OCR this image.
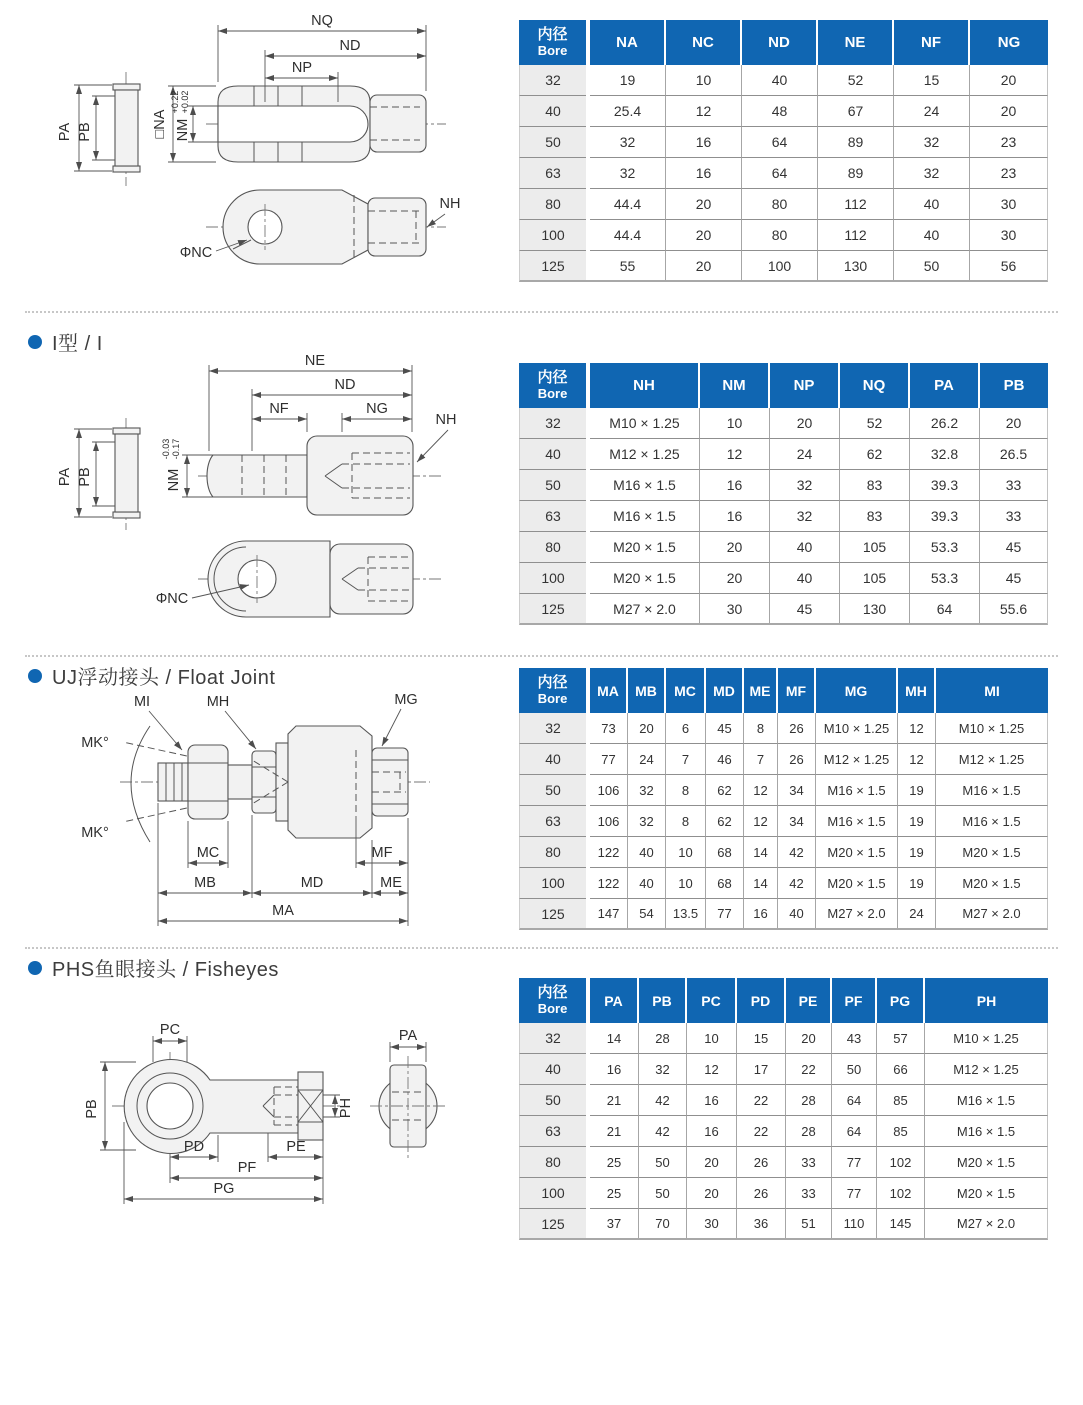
PA PB
NQ
ND
NP
□NA NM
+0.22 +0.02
ΦNC
NH
内径
Bore	NA	NC	ND	NE	NF	NG
32	19	10	40	52	15	20
40	25.4	12	48	67	24	20
50	32	16	64	89	32	23
63	32	16	64	89	32	23
80	44.4	20	80	112	40	30
100	44.4	20	80	112	40	30
125	55	20	100	130	50	56
I型 / I
PA PB	NM
-0.03 -0.17
NE
ND
NF	NG
NH
ΦNC
内径
Bore	NH	NM	NP	NQ	PA	PB
32	M10 × 1.25	10	20	52	26.2	20
40	M12 × 1.25	12	24	62	32.8	26.5
50	M16 × 1.5	16	32	83	39.3	33
63	M16 × 1.5	16	32	83	39.3	33
80	M20 × 1.5	20	40	105	53.3	45
100	M20 × 1.5	20	40	105	53.3	45
125	M27 × 2.0	30	45	130	64	55.6
UJ浮动接头 / Float Joint
MI	MH	MG
MK°
MK°
MC	MF
MB	MD	ME
MA
内径
Bore	MA	MB	MC	MD	ME	MF	MG	MH	MI
32	73	20	6	45	8	26	M10 × 1.25	12	M10 × 1.25
40	77	24	7	46	7	26	M12 × 1.25	12	M12 × 1.25
50	106	32	8	62	12	34	M16 × 1.5	19	M16 × 1.5
63	106	32	8	62	12	34	M16 × 1.5	19	M16 × 1.5
80	122	40	10	68	14	42	M20 × 1.5	19	M20 × 1.5
100	122	40	10	68	14	42	M20 × 1.5	19	M20 × 1.5
125	147	54	13.5	77	16	40	M27 × 2.0	24	M27 × 2.0
PHS鱼眼接头 / Fisheyes
PC
PB	PH
PD	PE
PF
PG
PA
内径
Bore	PA	PB	PC	PD	PE	PF	PG	PH
32	14	28	10	15	20	43	57	M10 × 1.25
40	16	32	12	17	22	50	66	M12 × 1.25
50	21	42	16	22	28	64	85	M16 × 1.5
63	21	42	16	22	28	64	85	M16 × 1.5
80	25	50	20	26	33	77	102	M20 × 1.5
100	25	50	20	26	33	77	102	M20 × 1.5
125	37	70	30	36	51	110	145	M27 × 2.0
